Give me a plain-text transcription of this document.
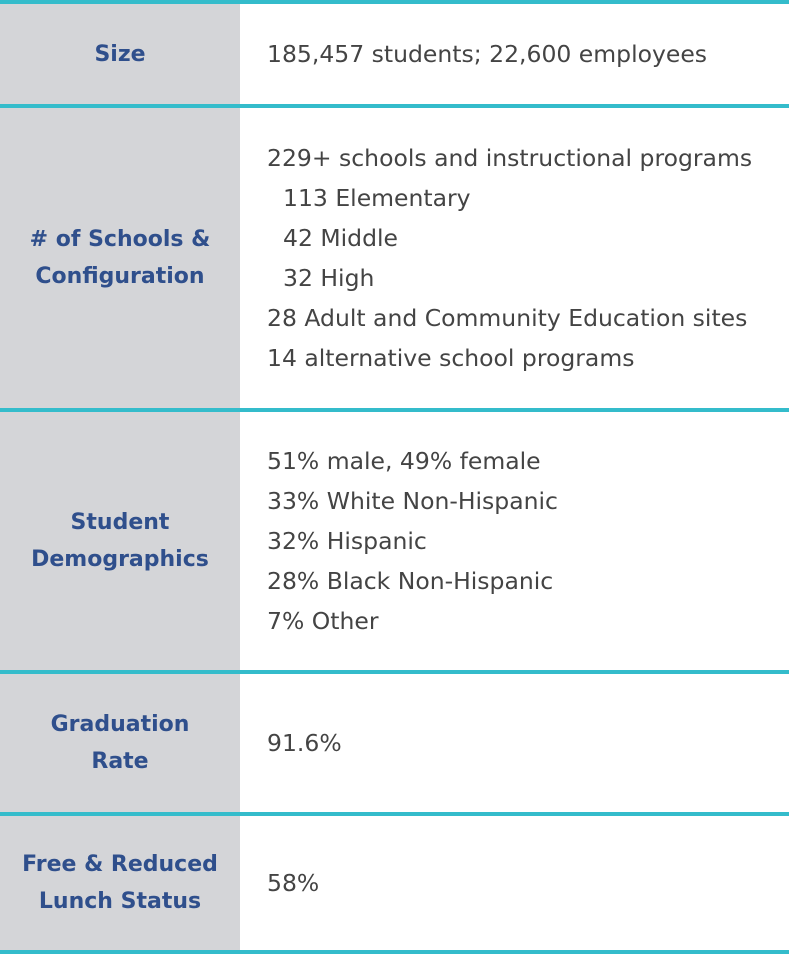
Size	185,457 students; 22,600 employees
# of Schools &
Configuration
229+ schools and instructional programs
113 Elementary
42 Middle
32 High
28 Adult and Community Education sites
14 alternative school programs
Student
Demographics
51% male, 49% female
33% White Non-Hispanic
32% Hispanic
28% Black Non-Hispanic
7% Other
Graduation
Rate
91.6%
Free & Reduced
Lunch Status
58%
